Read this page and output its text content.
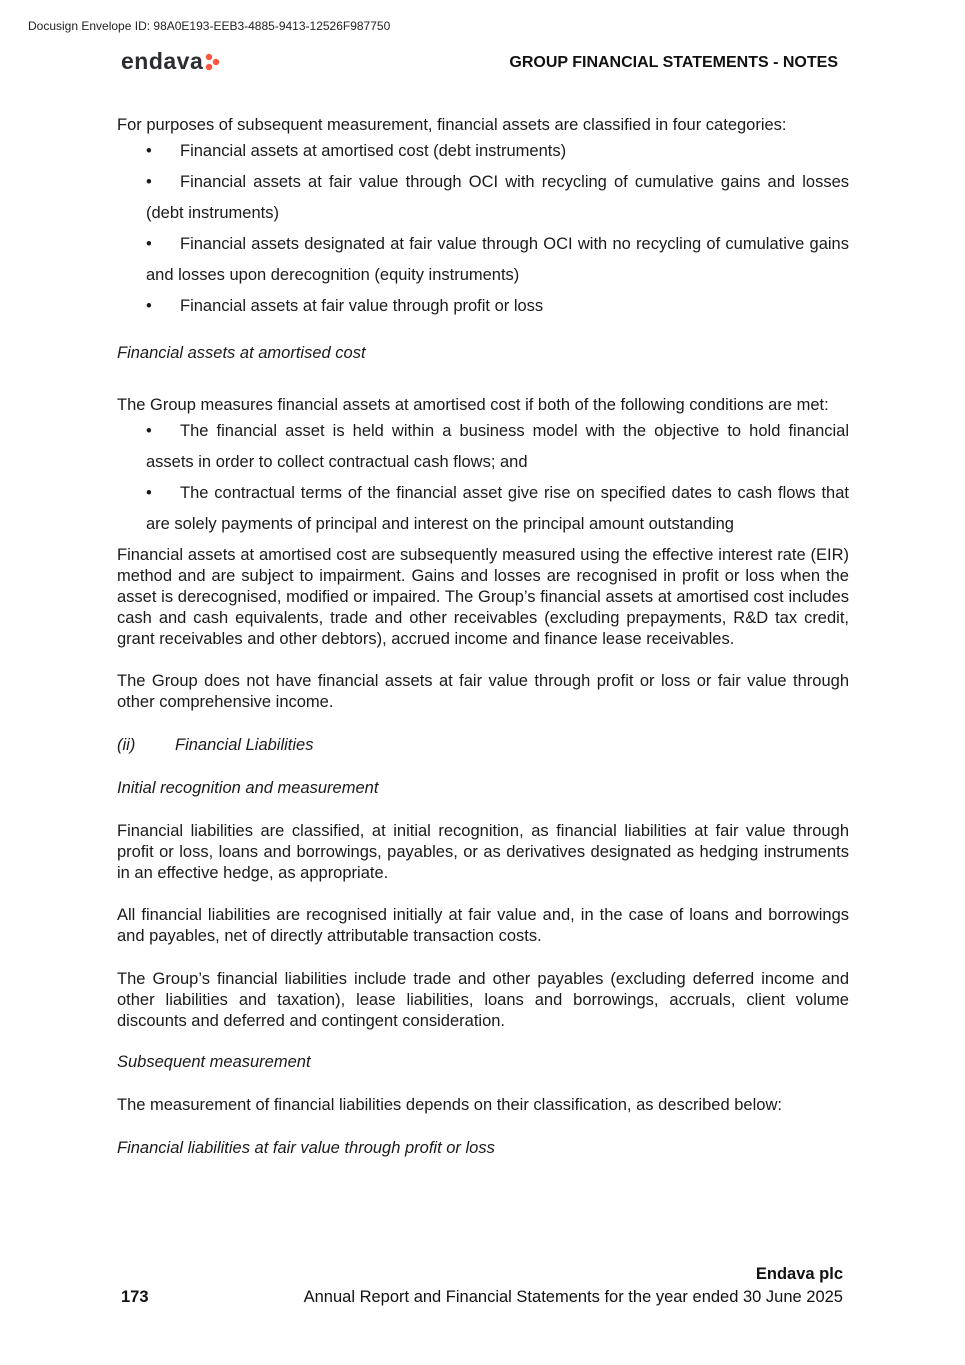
Docusign Envelope ID: 98A0E193-EEB3-4885-9413-12526F987750
endava	GROUP FINANCIAL STATEMENTS - NOTES

For purposes of subsequent measurement, financial assets are classified in four categories:

• Financial assets at amortised cost (debt instruments)
• Financial assets at fair value through OCI with recycling of cumulative gains and losses (debt instruments)
• Financial assets designated at fair value through OCI with no recycling of cumulative gains and losses upon derecognition (equity instruments)
• Financial assets at fair value through profit or loss

Financial assets at amortised cost

The Group measures financial assets at amortised cost if both of the following conditions are met:

• The financial asset is held within a business model with the objective to hold financial assets in order to collect contractual cash flows; and
• The contractual terms of the financial asset give rise on specified dates to cash flows that are solely payments of principal and interest on the principal amount outstanding

Financial assets at amortised cost are subsequently measured using the effective interest rate (EIR) method and are subject to impairment. Gains and losses are recognised in profit or loss when the asset is derecognised, modified or impaired. The Group’s financial assets at amortised cost includes cash and cash equivalents, trade and other receivables (excluding prepayments, R&D tax credit, grant receivables and other debtors), accrued income and finance lease receivables.

The Group does not have financial assets at fair value through profit or loss or fair value through other comprehensive income.

(ii)	Financial Liabilities

Initial recognition and measurement

Financial liabilities are classified, at initial recognition, as financial liabilities at fair value through profit or loss, loans and borrowings, payables, or as derivatives designated as hedging instruments in an effective hedge, as appropriate.

All financial liabilities are recognised initially at fair value and, in the case of loans and borrowings and payables, net of directly attributable transaction costs.

The Group’s financial liabilities include trade and other payables (excluding deferred income and other liabilities and taxation), lease liabilities, loans and borrowings, accruals, client volume discounts and deferred and contingent consideration.

Subsequent measurement

The measurement of financial liabilities depends on their classification, as described below:

Financial liabilities at fair value through profit or loss

Endava plc
173	Annual Report and Financial Statements for the year ended 30 June 2025
